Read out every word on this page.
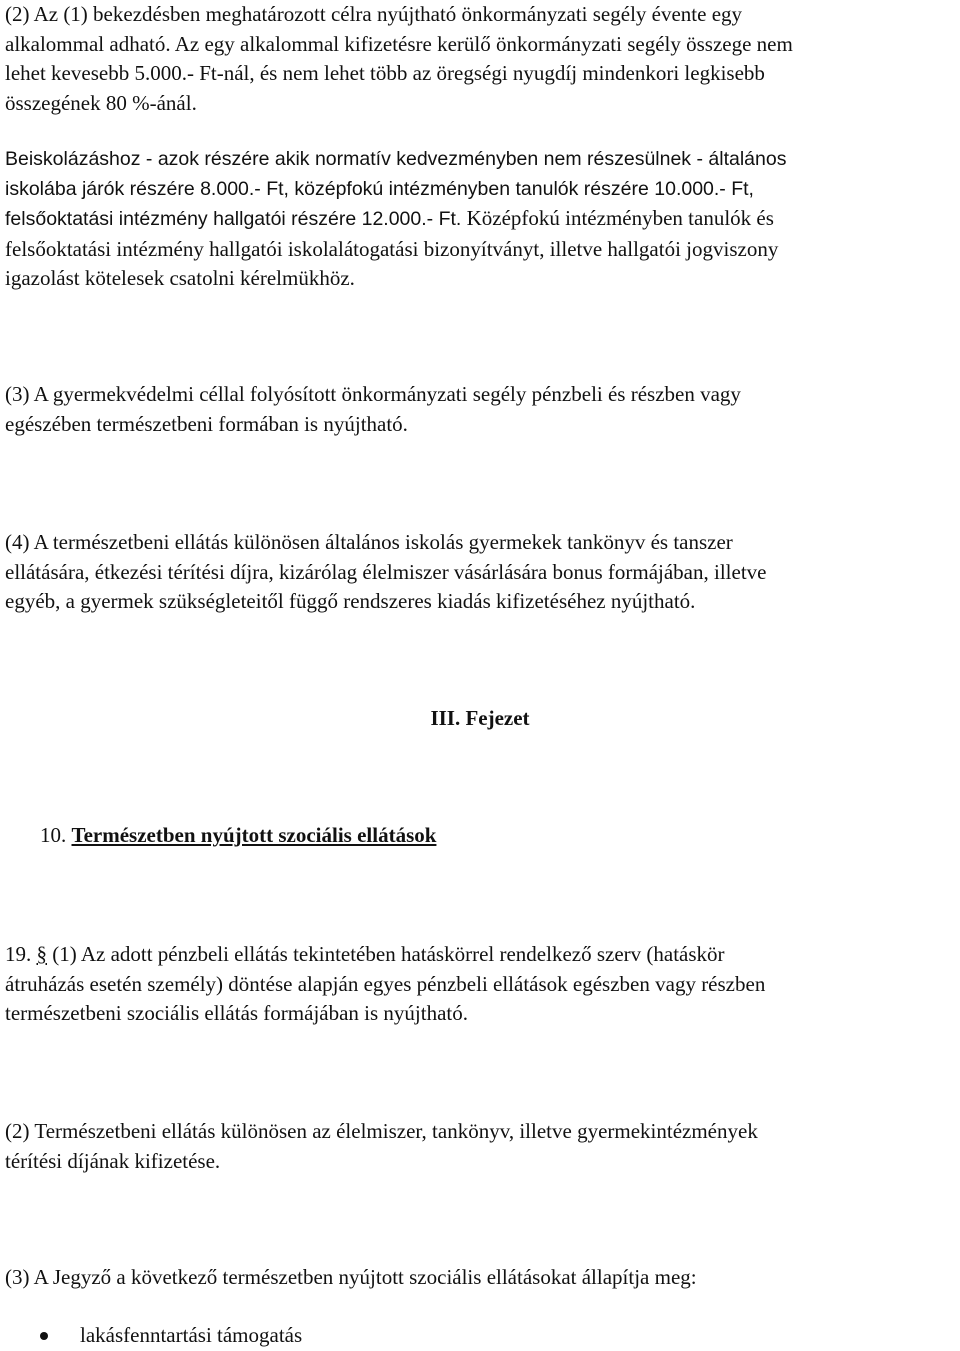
(2) Az (1) bekezdésben meghatározott célra nyújtható önkormányzati segély évente egy

alkalommal adható. Az egy alkalommal kifizetésre kerülő önkormányzati segély összege nem

lehet kevesebb 5.000.- Ft-nál, és nem lehet több az öregségi nyugdíj mindenkori legkisebb

összegének 80 %-ánál.

Beiskolázáshoz - azok részére akik normatív kedvezményben nem részesülnek - általános

iskolába járók részére 8.000.- Ft, középfokú intézményben tanulók részére 10.000.- Ft,

felsőoktatási intézmény hallgatói részére 12.000.- Ft. Középfokú intézményben tanulók és

felsőoktatási intézmény hallgatói iskolalátogatási bizonyítványt, illetve hallgatói jogviszony

igazolást kötelesek csatolni kérelmükhöz.

(3) A gyermekvédelmi céllal folyósított önkormányzati segély pénzbeli és részben vagy

egészében természetbeni formában is nyújtható.

(4) A természetbeni ellátás különösen általános iskolás gyermekek tankönyv és tanszer

ellátására, étkezési térítési díjra, kizárólag élelmiszer vásárlására bonus formájában, illetve

egyéb, a gyermek szükségleteitől függő rendszeres kiadás kifizetéséhez nyújtható.

III. Fejezet
10. Természetben nyújtott szociális ellátások

19. § (1) Az adott pénzbeli ellátás tekintetében hatáskörrel rendelkező szerv (hatáskör

átruházás esetén személy) döntése alapján egyes pénzbeli ellátások egészben vagy részben

természetbeni szociális ellátás formájában is nyújtható.

(2) Természetbeni ellátás különösen az élelmiszer, tankönyv, illetve gyermekintézmények

térítési díjának kifizetése.

(3) A Jegyző a következő természetben nyújtott szociális ellátásokat állapítja meg:

lakásfenntartási támogatás
